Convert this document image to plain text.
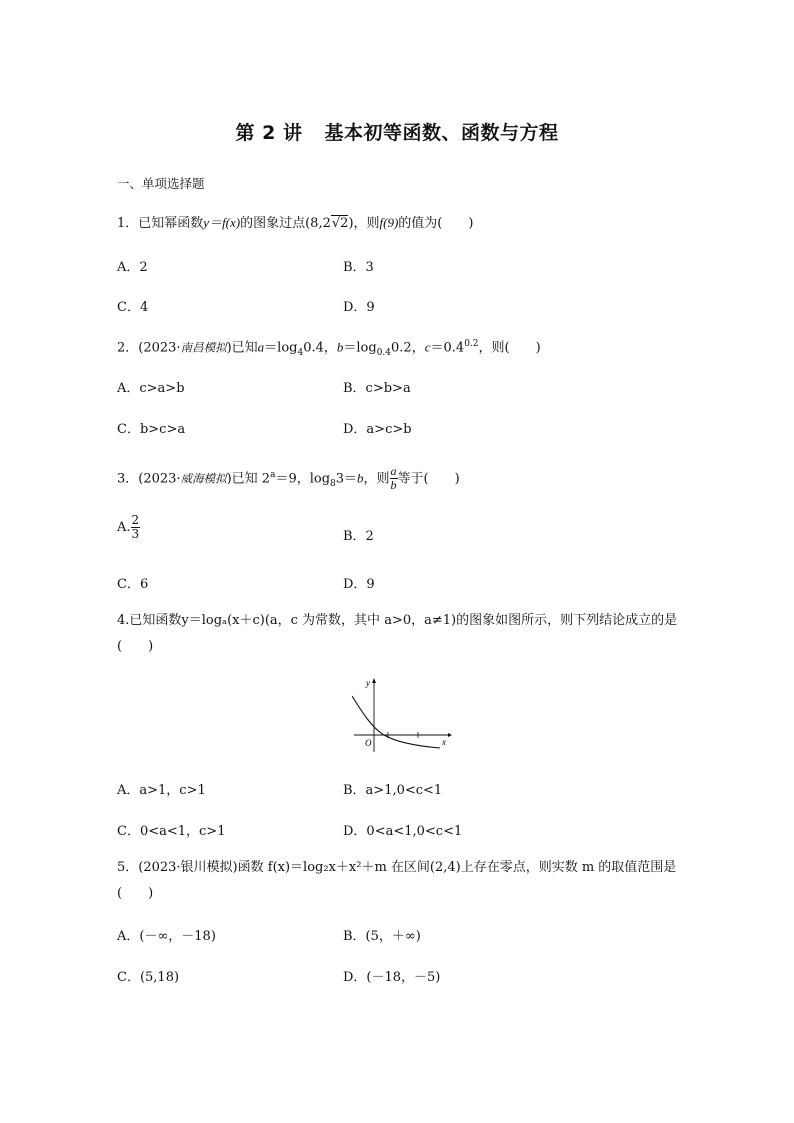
第 2 讲 基本初等函数、函数与方程
一、单项选择题
1．已知幂函数y＝f(x)的图象过点(8,2√2)，则f(9)的值为(　　)
A．2	B．3
C．4	D．9
2．(2023·南昌模拟)已知$a=\log_40.4$，$b=\log_{0.4}0.2$，$c=0.4^{0.2}$，则(　　)
A．c>a>b	B．c>b>a
C．b>c>a	D．a>c>b
3．(2023·威海模拟)已知 $2^a=9$，$\log_83=b$，则 $\frac{a}{b}$ 等于(　　)
A. $\frac{2}{3}$	B．2
C．6	D．9
4.已知函数y＝logₐ(x＋c)(a，c 为常数，其中 a>0，a≠1)的图象如图所示，则下列结论成立的是(　　)
y
x
O
A．a>1，c>1	B．a>1,0<c<1
C．0<a<1，c>1	D．0<a<1,0<c<1
5．(2023·银川模拟)函数 f(x)＝log₂x＋x²＋m 在区间(2,4)上存在零点，则实数 m 的取值范围是(　　)
A．(－∞，－18)	B．(5，＋∞)
C．(5,18)	D．(－18，－5)
